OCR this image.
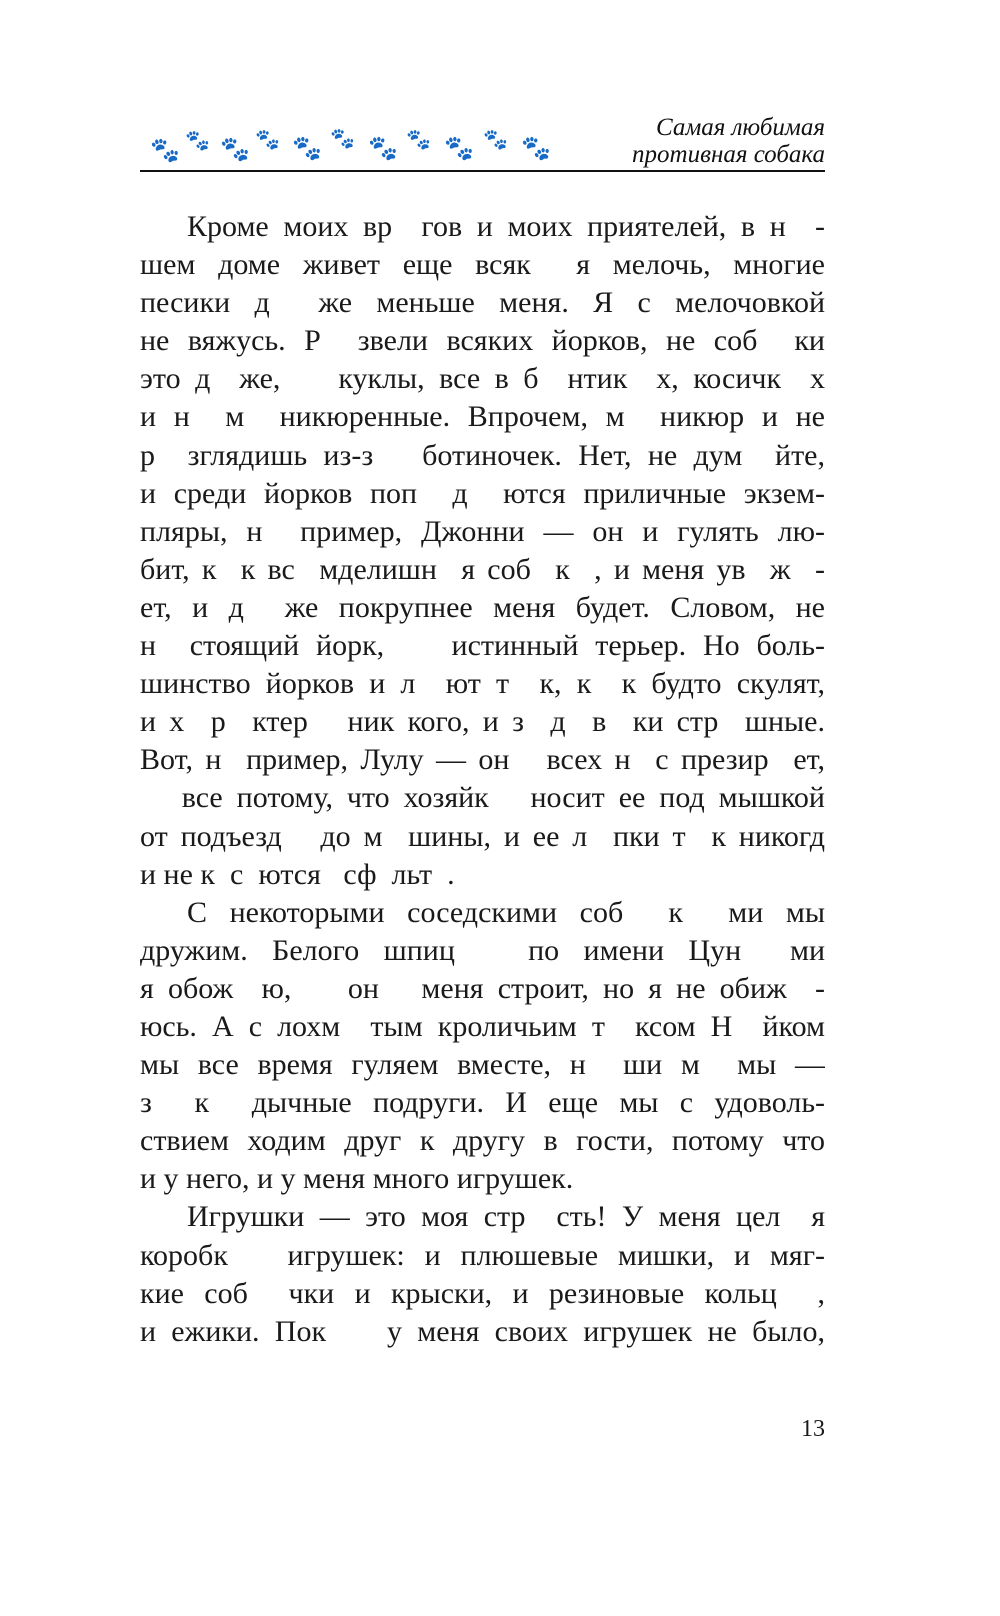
🐾 🐾 🐾 🐾 🐾 🐾 🐾 🐾 🐾 🐾 🐾
Самая любимая
противная собака
Кроме моих вр  гов и моих приятелей, в н  -
шем доме живет еще всяк  я мелочь, многие
песики д  же меньше меня. Я с мелочовкой
не вяжусь. Р  звели всяких йорков, не соб  ки
это д  же,    куклы, все в б  нтик  х, косичк  х
и н  м  никюренные. Впрочем, м  никюр и не
р  зглядишь из-з   ботиночек. Нет, не дум  йте,
и среди йорков поп  д  ются приличные экзем-
пляры, н  пример, Джонни — он и гулять лю-
бит, к  к вс  мделишн  я соб  к  , и меня ув  ж  -
ет, и д  же покрупнее меня будет. Словом, не
н  стоящий йорк,    истинный терьер. Но боль-
шинство йорков и л  ют т  к, к  к будто скулят,
и х  р  ктер   ник кого, и з  д  в  ки стр  шные.
Вот, н  пример, Лулу — он   всех н  с презир  ет,
все потому, что хозяйк   носит ее под мышкой
от подъезд   до м  шины, и ее л  пки т  к никогд
и не к  с  ются   сф  льт  .
С некоторыми соседскими соб  к  ми мы
дружим. Белого шпиц   по имени Цун  ми
я обож  ю,    он   меня строит, но я не обиж  -
юсь. А с лохм  тым кроличьим т  ксом Н  йком
мы все время гуляем вместе, н  ши м  мы —
з  к  дычные подруги. И еще мы с удоволь-
ствием ходим друг к другу в гости, потому что
и у него, и у меня много игрушек.
Игрушки — это моя стр  сть! У меня цел  я
коробк   игрушек: и плюшевые мишки, и мяг-
кие соб  чки и крыски, и резиновые кольц  ,
и ежики. Пок    у меня своих игрушек не было,
13
